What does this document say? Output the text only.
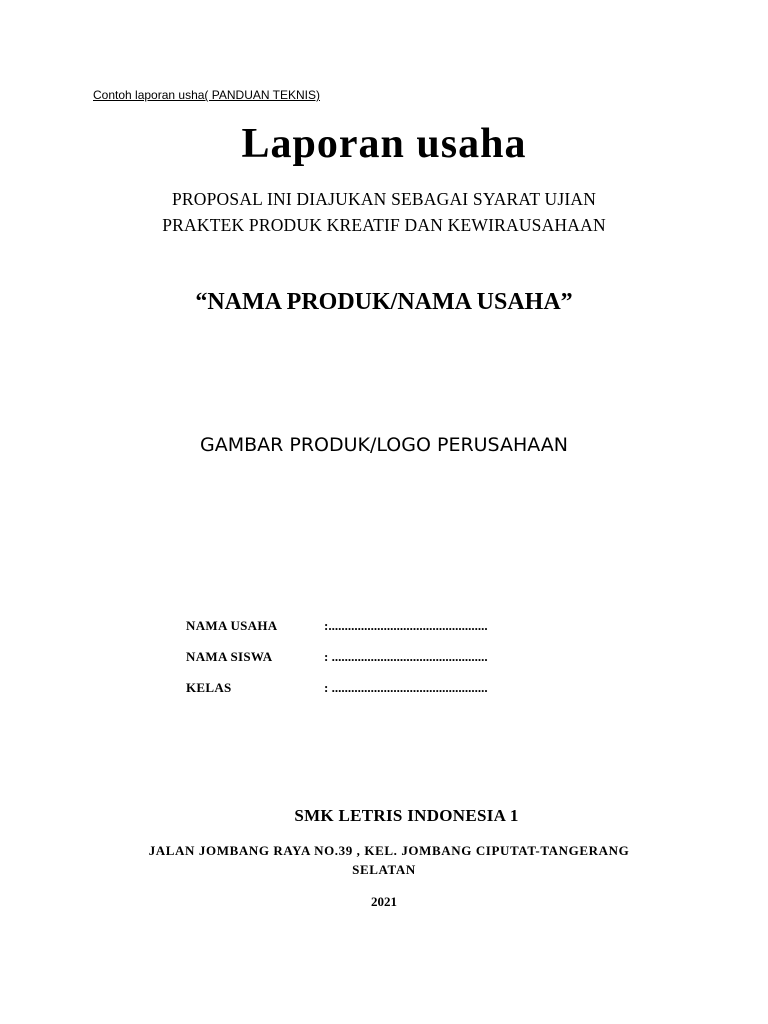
Contoh laporan usha( PANDUAN TEKNIS)
Laporan usaha
PROPOSAL INI DIAJUKAN SEBAGAI SYARAT UJIAN
PRAKTEK PRODUK KREATIF DAN KEWIRAUSAHAAN
“NAMA PRODUK/NAMA USAHA”
GAMBAR PRODUK/LOGO PERUSAHAAN
NAMA USAHA	:.................................................
NAMA SISWA	: ................................................
KELAS	: ................................................
SMK LETRIS INDONESIA 1
JALAN JOMBANG RAYA NO.39 , KEL. JOMBANG CIPUTAT-TANGERANG
SELATAN
2021
